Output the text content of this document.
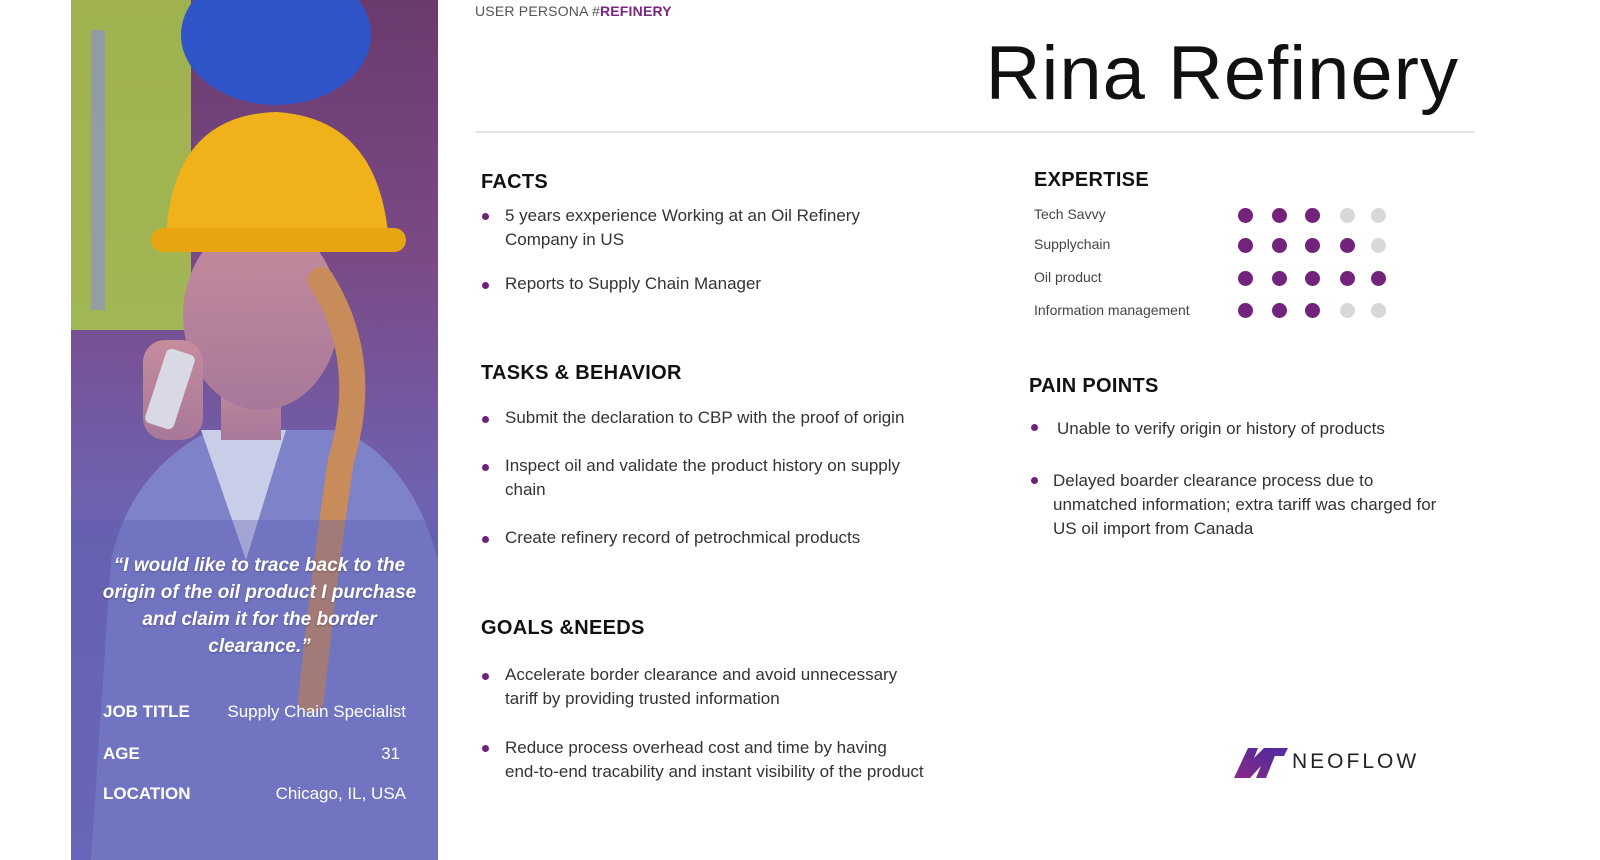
“I would like to trace back to the origin of the oil product I purchase and claim it for the border clearance.”
JOB TITLE Supply Chain Specialist
AGE	31
LOCATION	Chicago, IL, USA
USER PERSONA #REFINERY
Rina Refinery
FACTS
5 years exxperience Working at an Oil Refinery Company in US
Reports to Supply Chain Manager
TASKS & BEHAVIOR
Submit the declaration to CBP with the proof of origin
Inspect oil and validate the product history on supply chain
Create refinery record of petrochmical products
GOALS &NEEDS
Accelerate border clearance and avoid unnecessary tariff by providing trusted information
Reduce process overhead cost and time by having end-to-end tracability and instant visibility of the product
EXPERTISE
Tech Savvy
Supplychain
Oil product
Information management
PAIN POINTS
Unable to verify origin or history of products
Delayed boarder clearance process due to unmatched information; extra tariff was charged for US oil import from Canada
NEOFLOW
